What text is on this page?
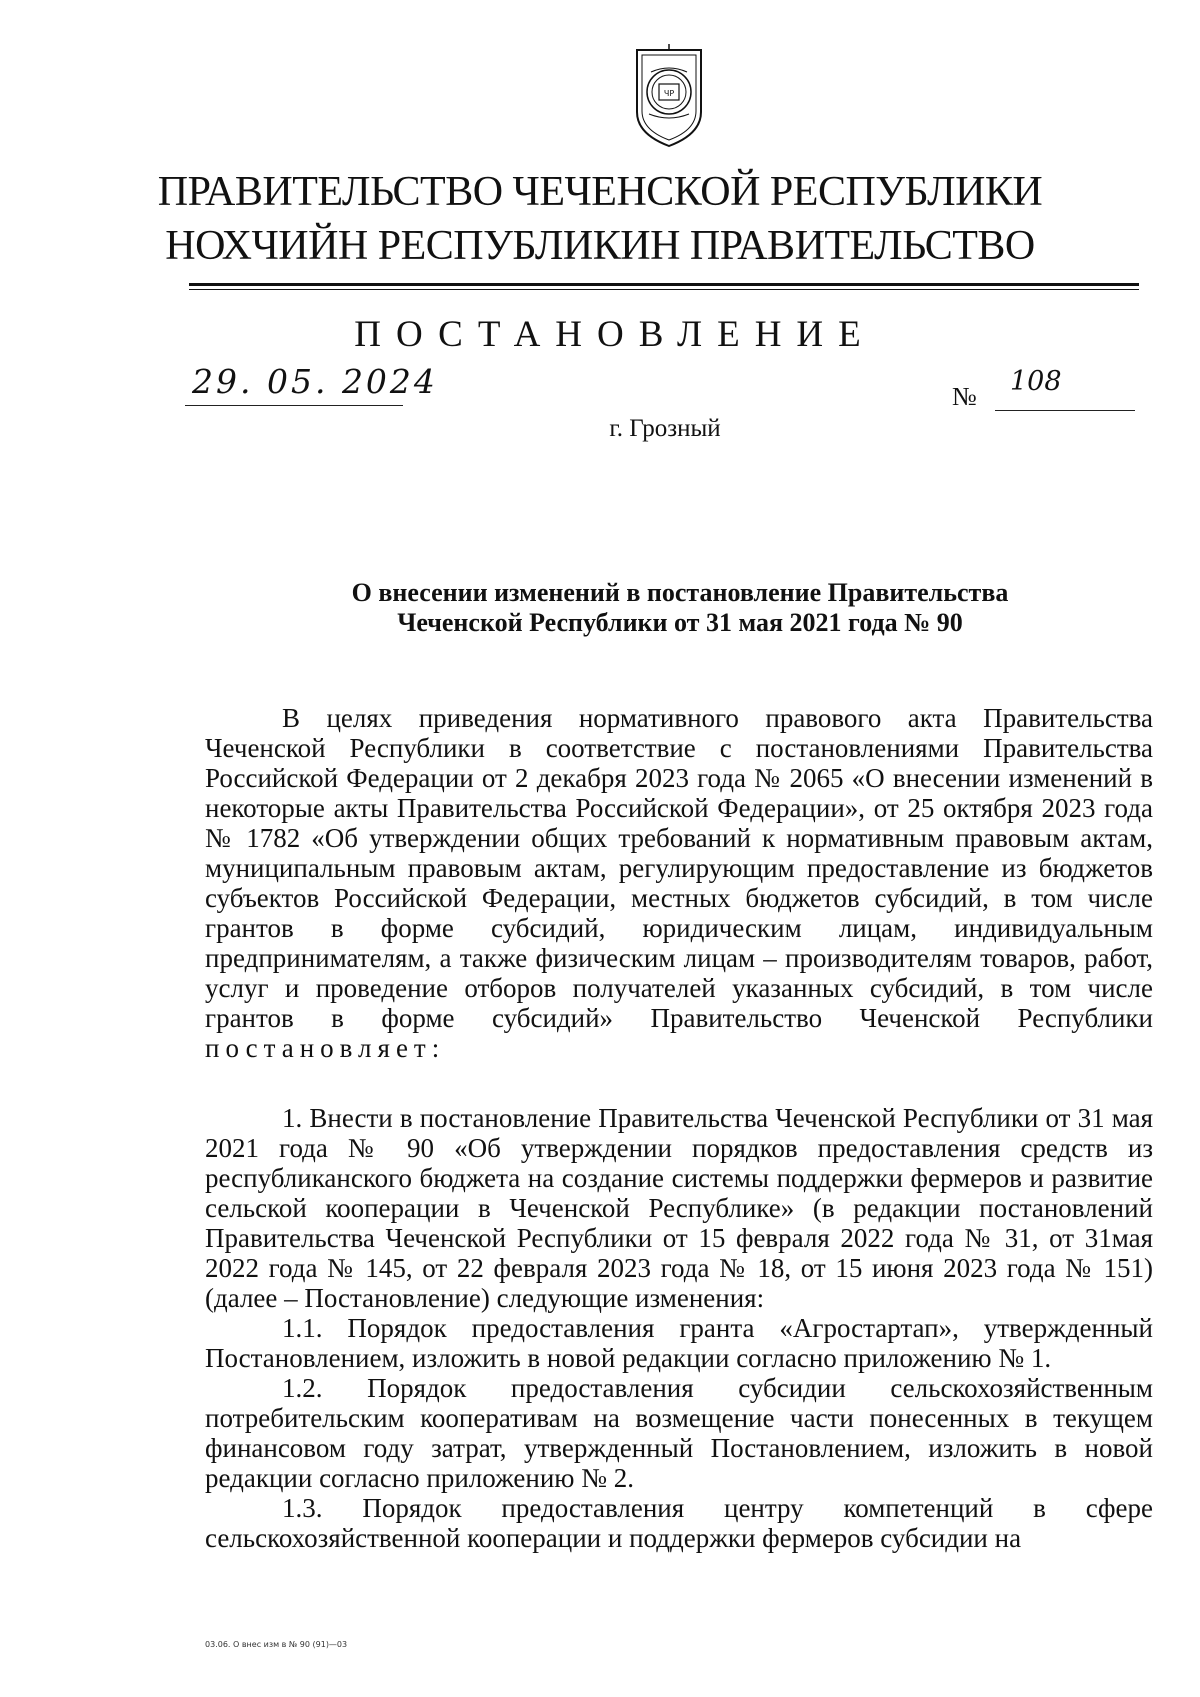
ЧР
ПРАВИТЕЛЬСТВО ЧЕЧЕНСКОЙ РЕСПУБЛИКИ
НОХЧИЙН РЕСПУБЛИКИН ПРАВИТЕЛЬСТВО
ПОСТАНОВЛЕНИЕ
29. 05. 2024	№ 108
г. Грозный
О внесении изменений в постановление Правительства
Чеченской Республики от 31 мая 2021 года № 90

В целях приведения нормативного правового акта Правительства Чеченской Республики в соответствие с постановлениями Правительства Российской Федерации от 2 декабря 2023 года № 2065 «О внесении изменений в некоторые акты Правительства Российской Федерации», от 25 октября 2023 года № 1782 «Об утверждении общих требований к нормативным правовым актам, муниципальным правовым актам, регулирующим предоставление из бюджетов субъектов Российской Федерации, местных бюджетов субсидий, в том числе грантов в форме субсидий, юридическим лицам, индивидуальным предпринимателям, а также физическим лицам – производителям товаров, работ, услуг и проведение отборов получателей указанных субсидий, в том числе грантов в форме субсидий» Правительство Чеченской Республики постановляет:

1. Внести в постановление Правительства Чеченской Республики от 31 мая 2021 года № 90 «Об утверждении порядков предоставления средств из республиканского бюджета на создание системы поддержки фермеров и развитие сельской кооперации в Чеченской Республике» (в редакции постановлений Правительства Чеченской Республики от 15 февраля 2022 года № 31, от 31мая 2022 года № 145, от 22 февраля 2023 года № 18, от 15 июня 2023 года № 151) (далее – Постановление) следующие изменения:

1.1. Порядок предоставления гранта «Агростартап», утвержденный Постановлением, изложить в новой редакции согласно приложению № 1.

1.2. Порядок предоставления субсидии сельскохозяйственным потребительским кооперативам на возмещение части понесенных в текущем финансовом году затрат, утвержденный Постановлением, изложить в новой редакции согласно приложению № 2.

1.3. Порядок предоставления центру компетенций в сфере сельскохозяйственной кооперации и поддержки фермеров субсидии на

03.06. О внес изм в № 90 (91)—03
